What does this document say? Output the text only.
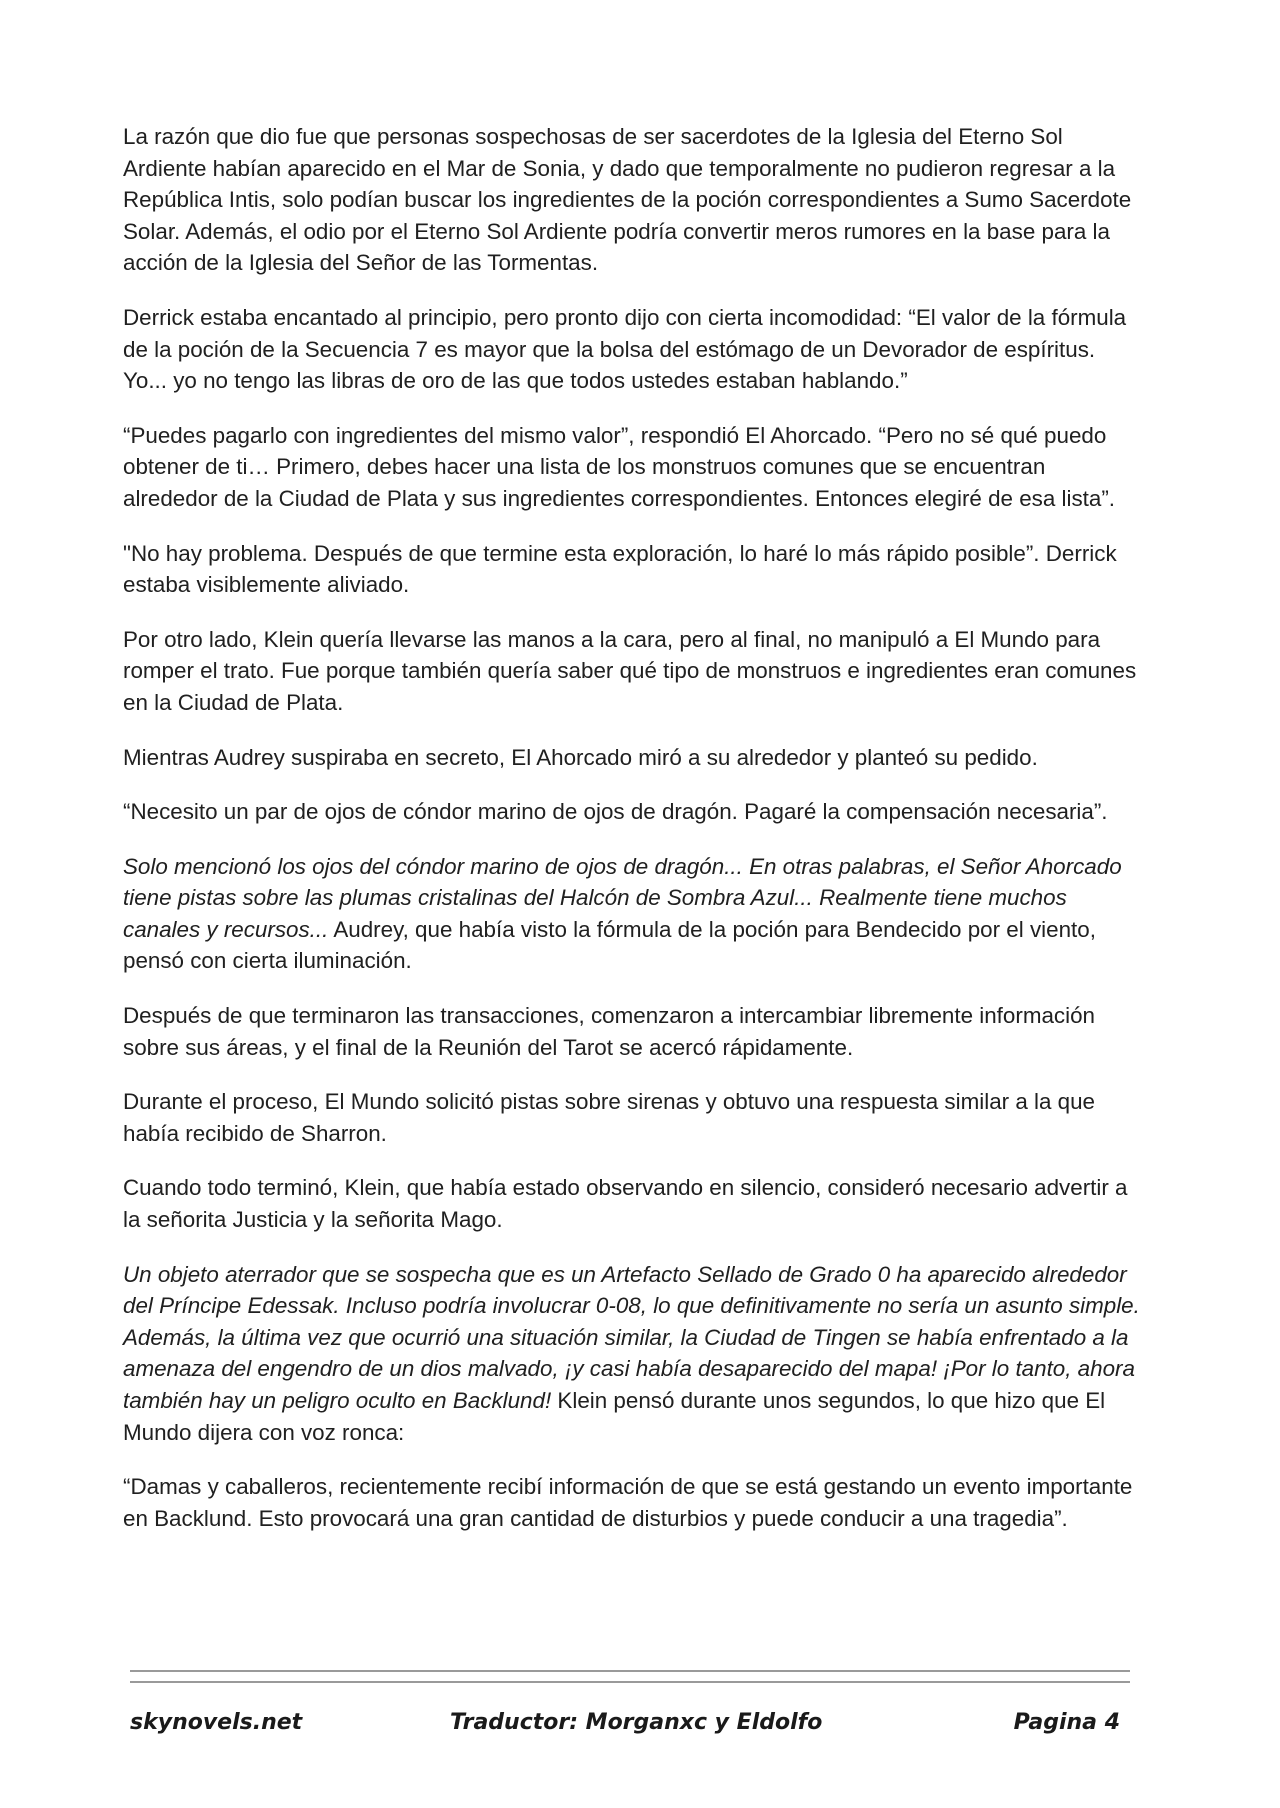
La razón que dio fue que personas sospechosas de ser sacerdotes de la Iglesia del Eterno Sol Ardiente habían aparecido en el Mar de Sonia, y dado que temporalmente no pudieron regresar a la República Intis, solo podían buscar los ingredientes de la poción correspondientes a Sumo Sacerdote Solar. Además, el odio por el Eterno Sol Ardiente podría convertir meros rumores en la base para la acción de la Iglesia del Señor de las Tormentas.

Derrick estaba encantado al principio, pero pronto dijo con cierta incomodidad: “El valor de la fórmula de la poción de la Secuencia 7 es mayor que la bolsa del estómago de un Devorador de espíritus. Yo... yo no tengo las libras de oro de las que todos ustedes estaban hablando.”

“Puedes pagarlo con ingredientes del mismo valor”, respondió El Ahorcado. “Pero no sé qué puedo obtener de ti… Primero, debes hacer una lista de los monstruos comunes que se encuentran alrededor de la Ciudad de Plata y sus ingredientes correspondientes. Entonces elegiré de esa lista”.

"No hay problema. Después de que termine esta exploración, lo haré lo más rápido posible”. Derrick estaba visiblemente aliviado.

Por otro lado, Klein quería llevarse las manos a la cara, pero al final, no manipuló a El Mundo para romper el trato. Fue porque también quería saber qué tipo de monstruos e ingredientes eran comunes en la Ciudad de Plata.

Mientras Audrey suspiraba en secreto, El Ahorcado miró a su alrededor y planteó su pedido.

“Necesito un par de ojos de cóndor marino de ojos de dragón. Pagaré la compensación necesaria”.

Solo mencionó los ojos del cóndor marino de ojos de dragón... En otras palabras, el Señor Ahorcado tiene pistas sobre las plumas cristalinas del Halcón de Sombra Azul... Realmente tiene muchos canales y recursos... Audrey, que había visto la fórmula de la poción para Bendecido por el viento, pensó con cierta iluminación.

Después de que terminaron las transacciones, comenzaron a intercambiar libremente información sobre sus áreas, y el final de la Reunión del Tarot se acercó rápidamente.

Durante el proceso, El Mundo solicitó pistas sobre sirenas y obtuvo una respuesta similar a la que había recibido de Sharron.

Cuando todo terminó, Klein, que había estado observando en silencio, consideró necesario advertir a la señorita Justicia y la señorita Mago.

Un objeto aterrador que se sospecha que es un Artefacto Sellado de Grado 0 ha aparecido alrededor del Príncipe Edessak. Incluso podría involucrar 0-08, lo que definitivamente no sería un asunto simple. Además, la última vez que ocurrió una situación similar, la Ciudad de Tingen se había enfrentado a la amenaza del engendro de un dios malvado, ¡y casi había desaparecido del mapa! ¡Por lo tanto, ahora también hay un peligro oculto en Backlund! Klein pensó durante unos segundos, lo que hizo que El Mundo dijera con voz ronca:

“Damas y caballeros, recientemente recibí información de que se está gestando un evento importante en Backlund. Esto provocará una gran cantidad de disturbios y puede conducir a una tragedia”.

skynovels.net	Traductor: Morganxc y Eldolfo	Pagina 4
